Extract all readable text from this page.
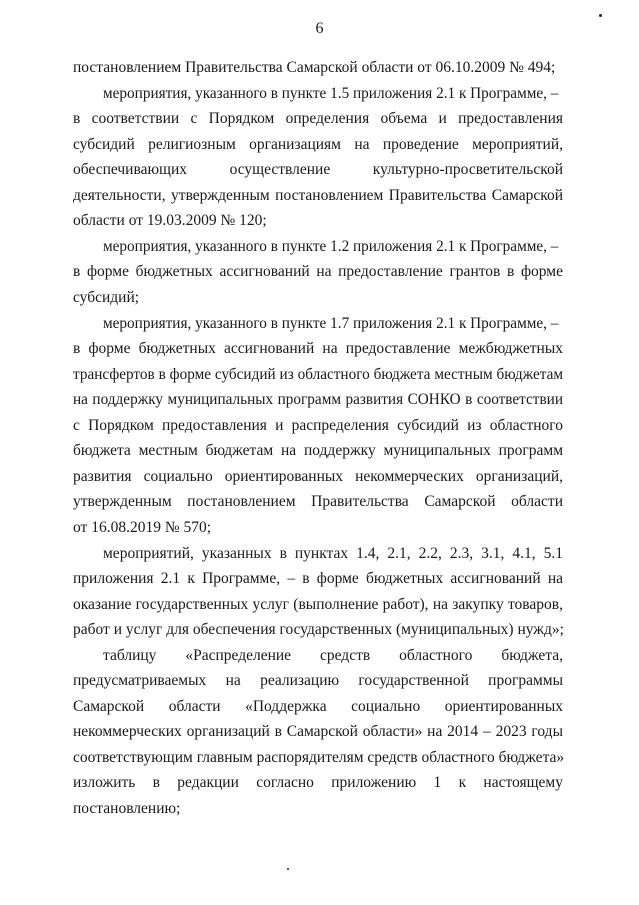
6
постановлением Правительства Самарской области от 06.10.2009 № 494;
мероприятия, указанного в пункте 1.5 приложения 2.1 к Программе, –
в соответствии с Порядком определения объема и предоставления
субсидий религиозным организациям на проведение мероприятий,
обеспечивающих осуществление культурно-просветительской
деятельности, утвержденным постановлением Правительства Самарской
области от 19.03.2009 № 120;
мероприятия, указанного в пункте 1.2 приложения 2.1 к Программе, –
в форме бюджетных ассигнований на предоставление грантов в форме
субсидий;
мероприятия, указанного в пункте 1.7 приложения 2.1 к Программе, –
в форме бюджетных ассигнований на предоставление межбюджетных
трансфертов в форме субсидий из областного бюджета местным бюджетам
на поддержку муниципальных программ развития СОНКО в соответствии
с Порядком предоставления и распределения субсидий из областного
бюджета местным бюджетам на поддержку муниципальных программ
развития социально ориентированных некоммерческих организаций,
утвержденным постановлением Правительства Самарской области
от 16.08.2019 № 570;
мероприятий, указанных в пунктах 1.4, 2.1, 2.2, 2.3, 3.1, 4.1, 5.1
приложения 2.1 к Программе, – в форме бюджетных ассигнований на
оказание государственных услуг (выполнение работ), на закупку товаров,
работ и услуг для обеспечения государственных (муниципальных) нужд»;
таблицу «Распределение средств областного бюджета,
предусматриваемых на реализацию государственной программы
Самарской области «Поддержка социально ориентированных
некоммерческих организаций в Самарской области» на 2014 – 2023 годы
соответствующим главным распорядителям средств областного бюджета»
изложить в редакции согласно приложению 1 к настоящему
постановлению;
